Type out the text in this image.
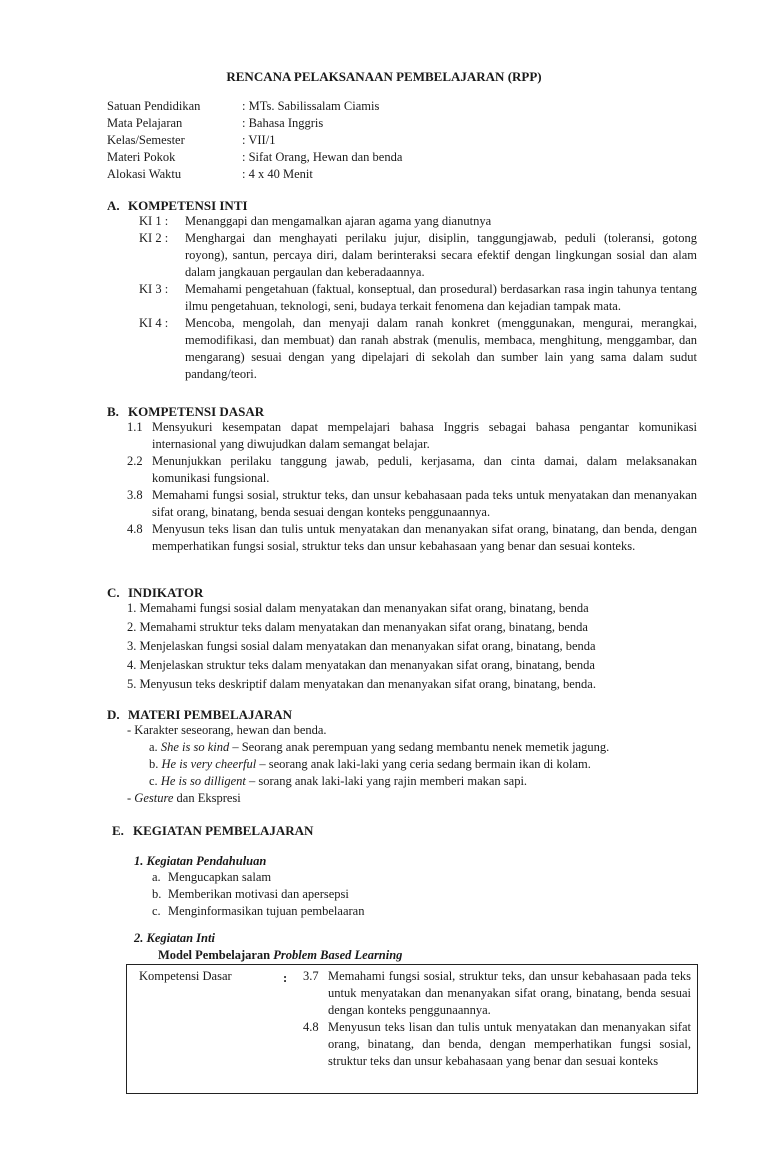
RENCANA PELAKSANAAN PEMBELAJARAN (RPP)
Satuan Pendidikan	: MTs. Sabilissalam Ciamis
Mata Pelajaran	: Bahasa Inggris
Kelas/Semester	: VII/1
Materi Pokok	: Sifat Orang, Hewan dan benda
Alokasi Waktu	: 4 x 40 Menit
A. KOMPETENSI INTI
KI 1 :	Menanggapi dan mengamalkan ajaran agama yang dianutnya
KI 2 :	Menghargai dan menghayati perilaku jujur, disiplin, tanggungjawab, peduli (toleransi, gotong royong), santun, percaya diri, dalam berinteraksi secara efektif dengan lingkungan sosial dan alam dalam jangkauan pergaulan dan keberadaannya.
KI 3 :	Memahami pengetahuan (faktual, konseptual, dan prosedural) berdasarkan rasa ingin tahunya tentang ilmu pengetahuan, teknologi, seni, budaya terkait fenomena dan kejadian tampak mata.
KI 4 :	Mencoba, mengolah, dan menyaji dalam ranah konkret (menggunakan, mengurai, merangkai, memodifikasi, dan membuat) dan ranah abstrak (menulis, membaca, menghitung, menggambar, dan mengarang) sesuai dengan yang dipelajari di sekolah dan sumber lain yang sama dalam sudut pandang/teori.
B. KOMPETENSI DASAR
1.1 Mensyukuri kesempatan dapat mempelajari bahasa Inggris sebagai bahasa pengantar komunikasi internasional yang diwujudkan dalam semangat belajar.
2.2 Menunjukkan perilaku tanggung jawab, peduli, kerjasama, dan cinta damai, dalam melaksanakan komunikasi fungsional.
3.8 Memahami fungsi sosial, struktur teks, dan unsur kebahasaan pada teks untuk menyatakan dan menanyakan sifat orang, binatang, benda sesuai dengan konteks penggunaannya.
4.8 Menyusun teks lisan dan tulis untuk menyatakan dan menanyakan sifat orang, binatang, dan benda, dengan memperhatikan fungsi sosial, struktur teks dan unsur kebahasaan yang benar dan sesuai konteks.
C. INDIKATOR
1. Memahami fungsi sosial dalam menyatakan dan menanyakan sifat orang, binatang, benda
2. Memahami struktur teks dalam menyatakan dan menanyakan sifat orang, binatang, benda
3. Menjelaskan fungsi sosial dalam menyatakan dan menanyakan sifat orang, binatang, benda
4. Menjelaskan struktur teks dalam menyatakan dan menanyakan sifat orang, binatang, benda
5. Menyusun teks deskriptif dalam menyatakan dan menanyakan sifat orang, binatang, benda.
D. MATERI PEMBELAJARAN
- Karakter seseorang, hewan dan benda.
a. She is so kind – Seorang anak perempuan yang sedang membantu nenek memetik jagung.
b. He is very cheerful – seorang anak laki-laki yang ceria sedang bermain ikan di kolam.
c. He is so dilligent – sorang anak laki-laki yang rajin memberi makan sapi.
- Gesture dan Ekspresi
E. KEGIATAN PEMBELAJARAN
1. Kegiatan Pendahuluan
a. Mengucapkan salam
b. Memberikan motivasi dan apersepsi
c. Menginformasikan tujuan pembelaaran
2. Kegiatan Inti
Model Pembelajaran Problem Based Learning
Kompetensi Dasar	: 3.7 Memahami fungsi sosial, struktur teks, dan unsur kebahasaan pada teks untuk menyatakan dan menanyakan sifat orang, binatang, benda sesuai dengan konteks penggunaannya.
4.8 Menyusun teks lisan dan tulis untuk menyatakan dan menanyakan sifat orang, binatang, dan benda, dengan memperhatikan fungsi sosial, struktur teks dan unsur kebahasaan yang benar dan sesuai konteks
